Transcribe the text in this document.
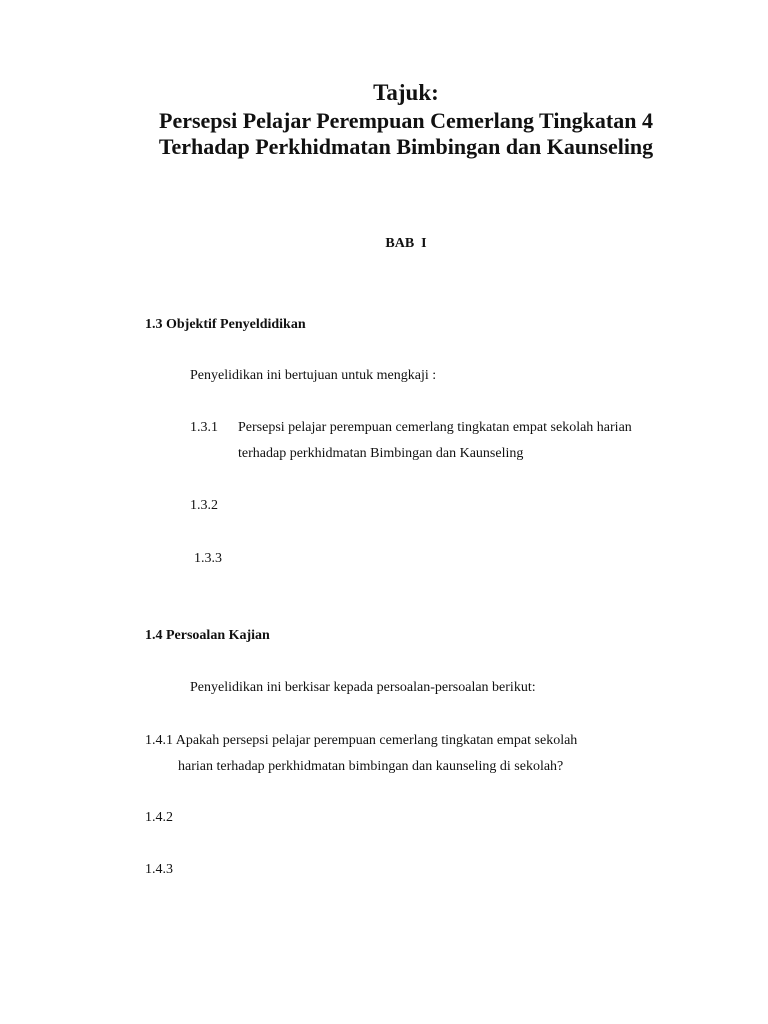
Tajuk:
Persepsi Pelajar Perempuan Cemerlang Tingkatan 4
Terhadap Perkhidmatan Bimbingan dan Kaunseling
BAB  I
1.3 Objektif Penyeldidikan
Penyelidikan ini bertujuan untuk mengkaji :
1.3.1 Persepsi pelajar perempuan cemerlang tingkatan empat sekolah harian
terhadap perkhidmatan Bimbingan dan Kaunseling
1.3.2
1.3.3
1.4 Persoalan Kajian
Penyelidikan ini berkisar kepada persoalan-persoalan berikut:
1.4.1 Apakah persepsi pelajar perempuan cemerlang tingkatan empat sekolah
harian terhadap perkhidmatan bimbingan dan kaunseling di sekolah?
1.4.2
1.4.3
